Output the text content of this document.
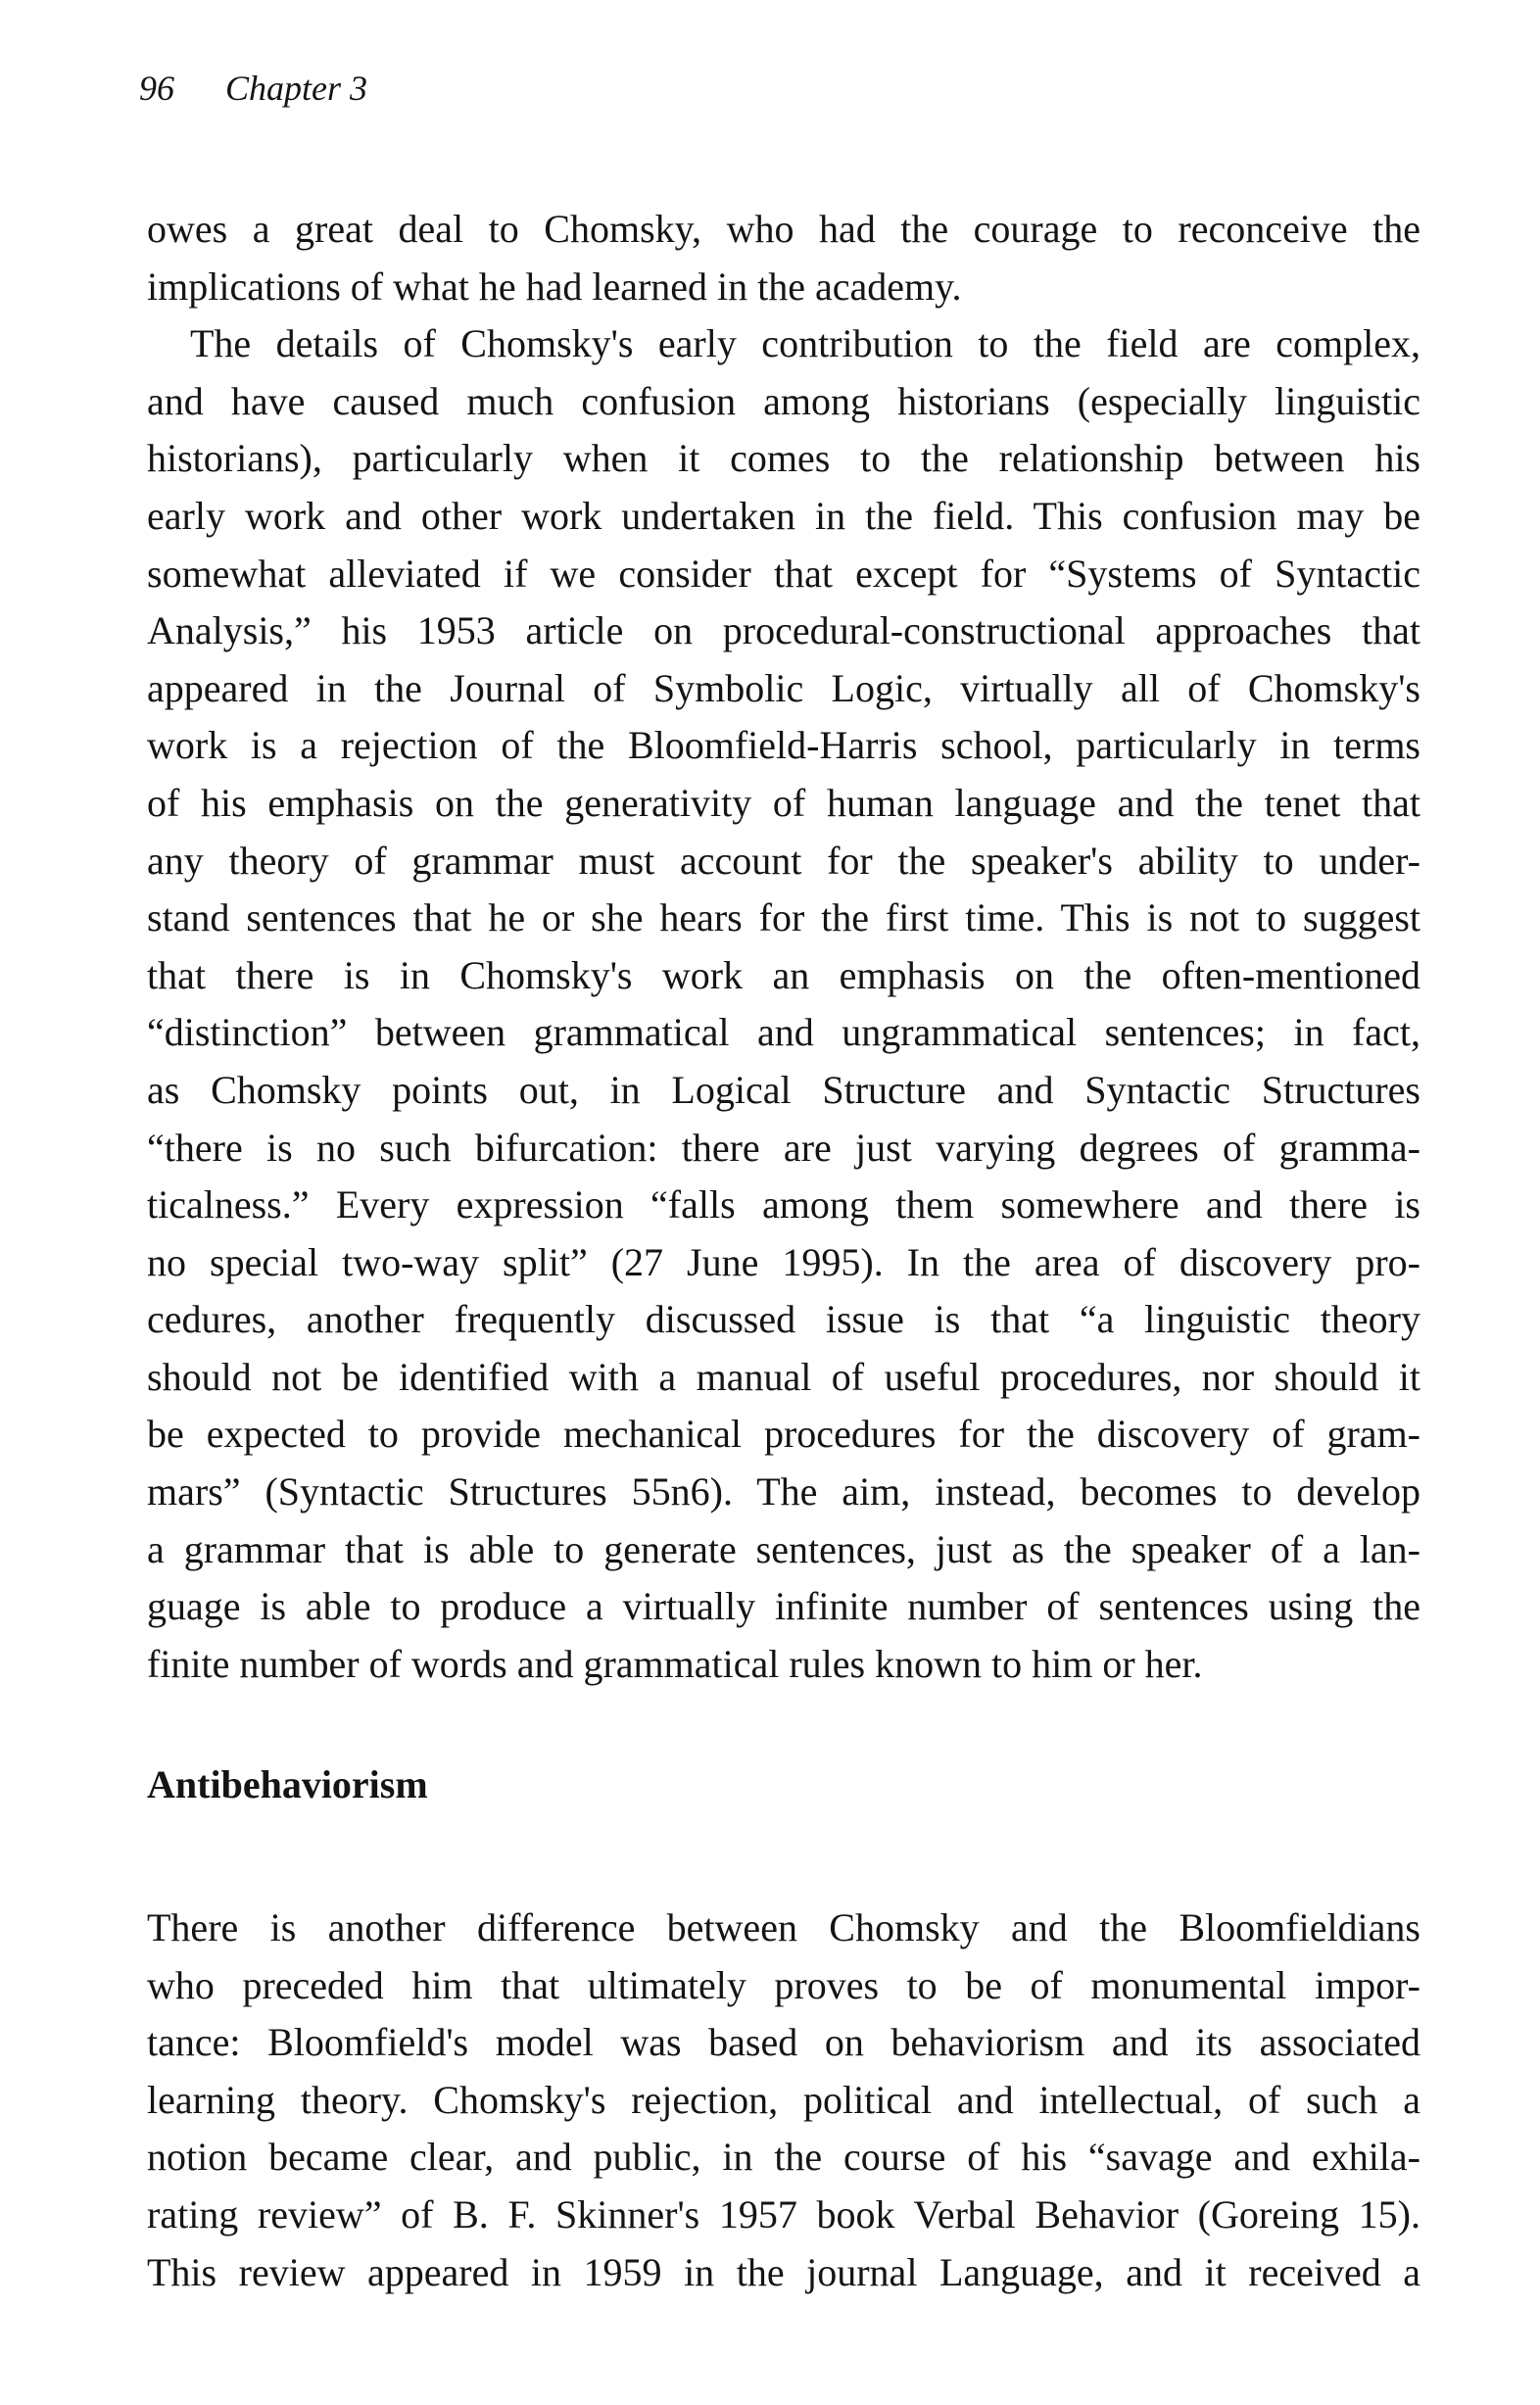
96 Chapter 3
owes a great deal to Chomsky, who had the courage to reconceive the
implications of what he had learned in the academy.
The details of Chomsky's early contribution to the field are complex,
and have caused much confusion among historians (especially linguistic
historians), particularly when it comes to the relationship between his
early work and other work undertaken in the field. This confusion may be
somewhat alleviated if we consider that except for “Systems of Syntactic
Analysis,” his 1953 article on procedural-constructional approaches that
appeared in the Journal of Symbolic Logic, virtually all of Chomsky's
work is a rejection of the Bloomfield-Harris school, particularly in terms
of his emphasis on the generativity of human language and the tenet that
any theory of grammar must account for the speaker's ability to under-
stand sentences that he or she hears for the first time. This is not to suggest
that there is in Chomsky's work an emphasis on the often-mentioned
“distinction” between grammatical and ungrammatical sentences; in fact,
as Chomsky points out, in Logical Structure and Syntactic Structures
“there is no such bifurcation: there are just varying degrees of gramma-
ticalness.” Every expression “falls among them somewhere and there is
no special two-way split” (27 June 1995). In the area of discovery pro-
cedures, another frequently discussed issue is that “a linguistic theory
should not be identified with a manual of useful procedures, nor should it
be expected to provide mechanical procedures for the discovery of gram-
mars” (Syntactic Structures 55n6). The aim, instead, becomes to develop
a grammar that is able to generate sentences, just as the speaker of a lan-
guage is able to produce a virtually infinite number of sentences using the
finite number of words and grammatical rules known to him or her.
Antibehaviorism
There is another difference between Chomsky and the Bloomfieldians
who preceded him that ultimately proves to be of monumental impor-
tance: Bloomfield's model was based on behaviorism and its associated
learning theory. Chomsky's rejection, political and intellectual, of such a
notion became clear, and public, in the course of his “savage and exhila-
rating review” of B. F. Skinner's 1957 book Verbal Behavior (Goreing 15).
This review appeared in 1959 in the journal Language, and it received a
